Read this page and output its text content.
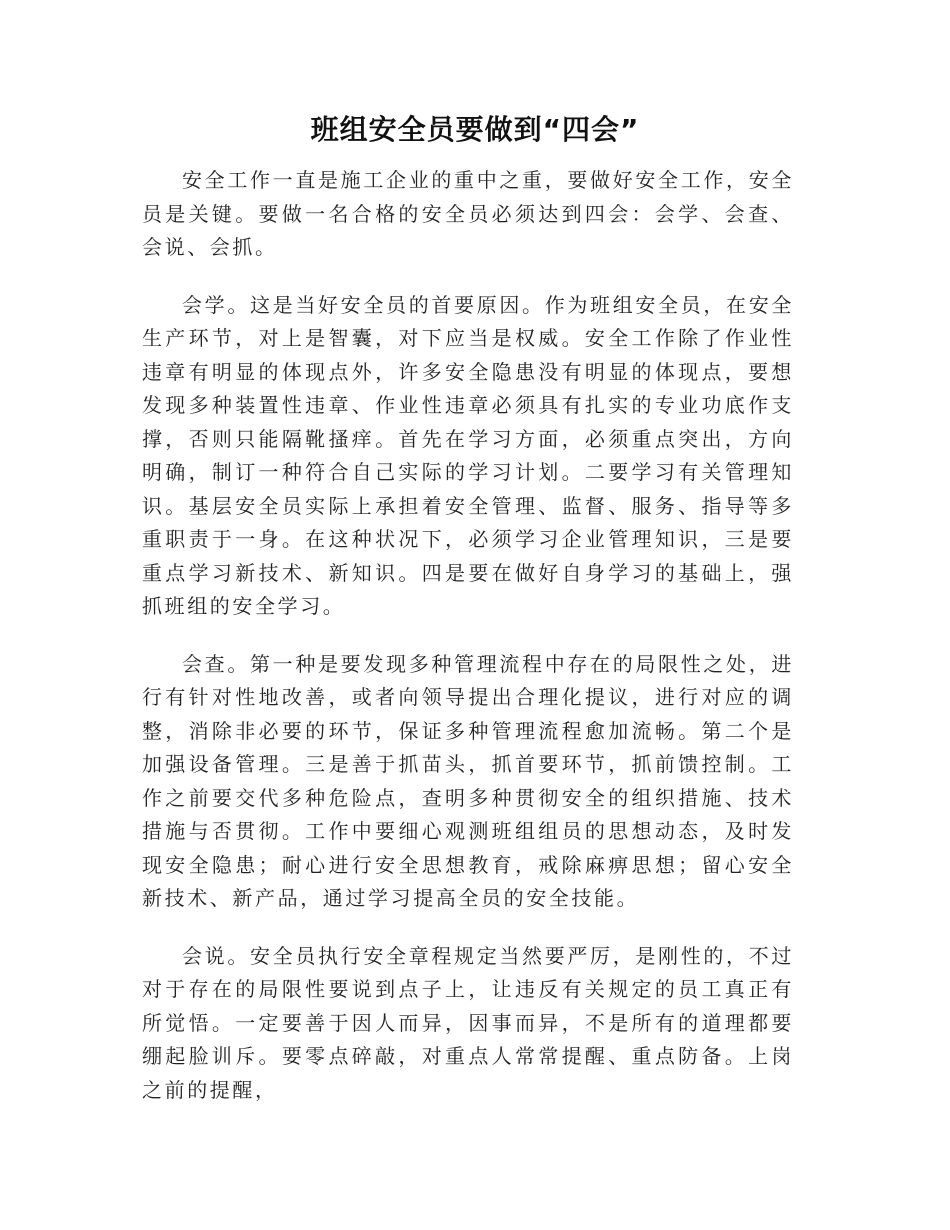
班组安全员要做到“四会”

安全工作一直是施工企业的重中之重，要做好安全工作，安全员是关键。要做一名合格的安全员必须达到四会：会学、会查、会说、会抓。

会学。这是当好安全员的首要原因。作为班组安全员，在安全生产环节，对上是智囊，对下应当是权威。安全工作除了作业性违章有明显的体现点外，许多安全隐患没有明显的体现点，要想发现多种装置性违章、作业性违章必须具有扎实的专业功底作支撑，否则只能隔靴搔痒。首先在学习方面，必须重点突出，方向明确，制订一种符合自己实际的学习计划。二要学习有关管理知识。基层安全员实际上承担着安全管理、监督、服务、指导等多重职责于一身。在这种状况下，必须学习企业管理知识，三是要重点学习新技术、新知识。四是要在做好自身学习的基础上，强抓班组的安全学习。

会查。第一种是要发现多种管理流程中存在的局限性之处，进行有针对性地改善，或者向领导提出合理化提议，进行对应的调整，消除非必要的环节，保证多种管理流程愈加流畅。第二个是加强设备管理。三是善于抓苗头，抓首要环节，抓前馈控制。工作之前要交代多种危险点，查明多种贯彻安全的组织措施、技术措施与否贯彻。工作中要细心观测班组组员的思想动态，及时发现安全隐患；耐心进行安全思想教育，戒除麻痹思想；留心安全新技术、新产品，通过学习提高全员的安全技能。

会说。安全员执行安全章程规定当然要严厉，是刚性的，不过对于存在的局限性要说到点子上，让违反有关规定的员工真正有所觉悟。一定要善于因人而异，因事而异，不是所有的道理都要绷起脸训斥。要零点碎敲，对重点人常常提醒、重点防备。上岗之前的提醒，
